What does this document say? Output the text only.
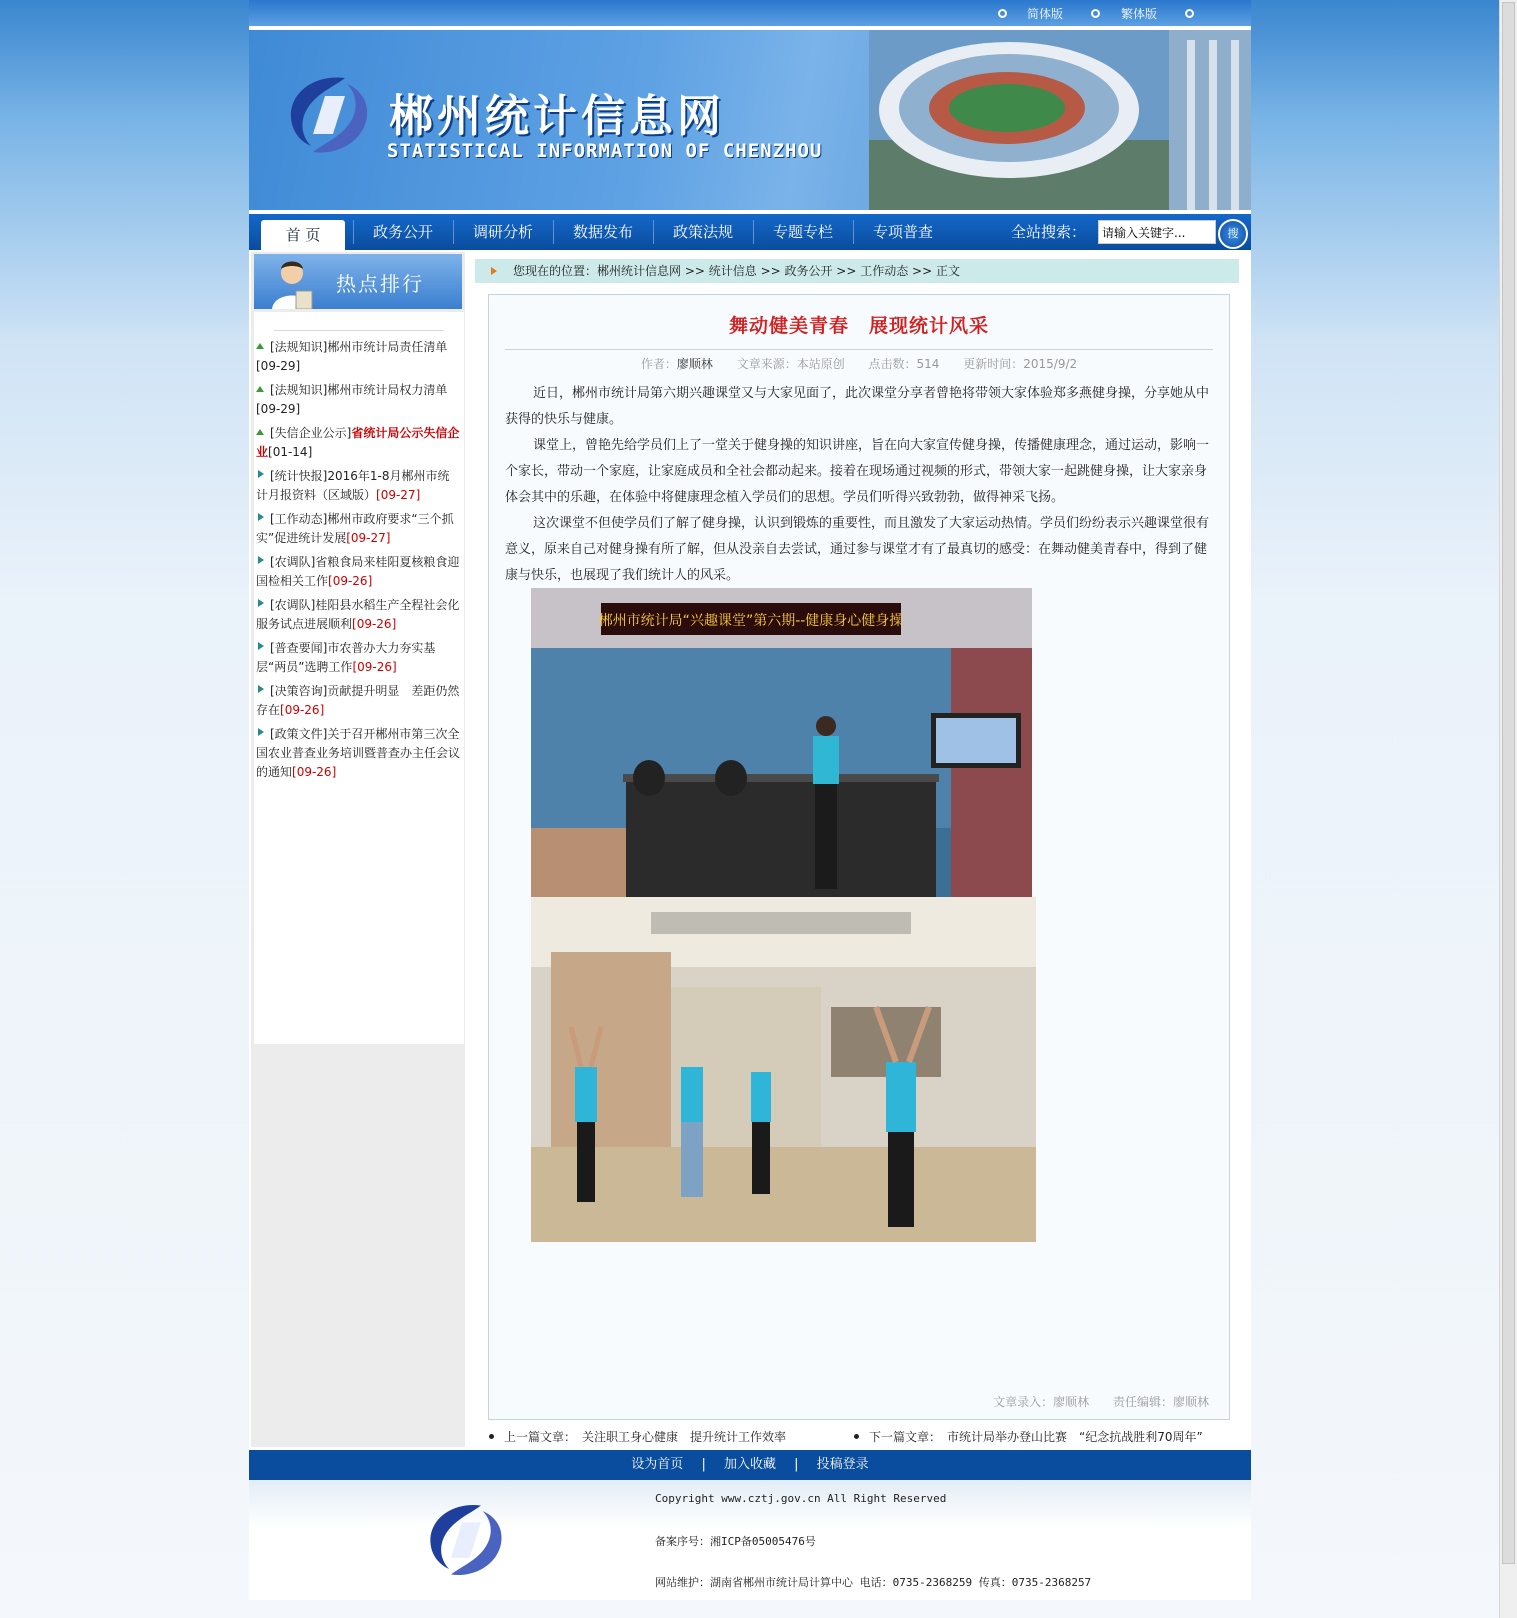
简体版	繁体版
郴州统计信息网
STATISTICAL INFORMATION OF CHENZHOU
首 页	政务公开	调研分析	数据发布	政策法规	专题专栏	专项普查	全站搜索：
请输入关键字...	搜
热点排行
[法规知识]郴州市统计局责任清单
[09-29]
[法规知识]郴州市统计局权力清单
[09-29]
[失信企业公示]省统计局公示失信企业[01-14]
[统计快报]2016年1-8月郴州市统计月报资料（区域版）[09-27]
[工作动态]郴州市政府要求“三个抓实”促进统计发展[09-27]
[农调队]省粮食局来桂阳夏核粮食迎国检相关工作[09-26]
[农调队]桂阳县水稻生产全程社会化服务试点进展顺利[09-26]
[普查要闻]市农普办大力夯实基层“两员”选聘工作[09-26]
[决策咨询]贡献提升明显　差距仍然存在[09-26]
[政策文件]关于召开郴州市第三次全国农业普查业务培训暨普查办主任会议的通知[09-26]
您现在的位置：郴州统计信息网 >> 统计信息 >> 政务公开 >> 工作动态 >> 正文
舞动健美青春　展现统计风采
作者：廖顺林 文章来源：本站原创 点击数：514 更新时间：2015/9/2

近日，郴州市统计局第六期兴趣课堂又与大家见面了，此次课堂分享者曾艳将带领大家体验郑多燕健身操，分享她从中获得的快乐与健康。

课堂上，曾艳先给学员们上了一堂关于健身操的知识讲座，旨在向大家宣传健身操，传播健康理念，通过运动，影响一个家长，带动一个家庭，让家庭成员和全社会都动起来。接着在现场通过视频的形式，带领大家一起跳健身操，让大家亲身体会其中的乐趣，在体验中将健康理念植入学员们的思想。学员们听得兴致勃勃，做得神采飞扬。

这次课堂不但使学员们了解了健身操，认识到锻炼的重要性，而且激发了大家运动热情。学员们纷纷表示兴趣课堂很有意义，原来自己对健身操有所了解，但从没亲自去尝试，通过参与课堂才有了最真切的感受：在舞动健美青春中，得到了健康与快乐，也展现了我们统计人的风采。

郴州市统计局“兴趣课堂”第六期--健康身心健身操
文章录入：廖顺林 责任编辑：廖顺林
上一篇文章：　关注职工身心健康　提升统计工作效率	下一篇文章：　市统计局举办登山比赛　“纪念抗战胜利70周年”
设为首页 | 加入收藏 | 投稿登录
Copyright www.cztj.gov.cn All Right Reserved
备案序号：湘ICP备05005476号
网站维护：湖南省郴州市统计局计算中心 电话：0735-2368259 传真：0735-2368257
